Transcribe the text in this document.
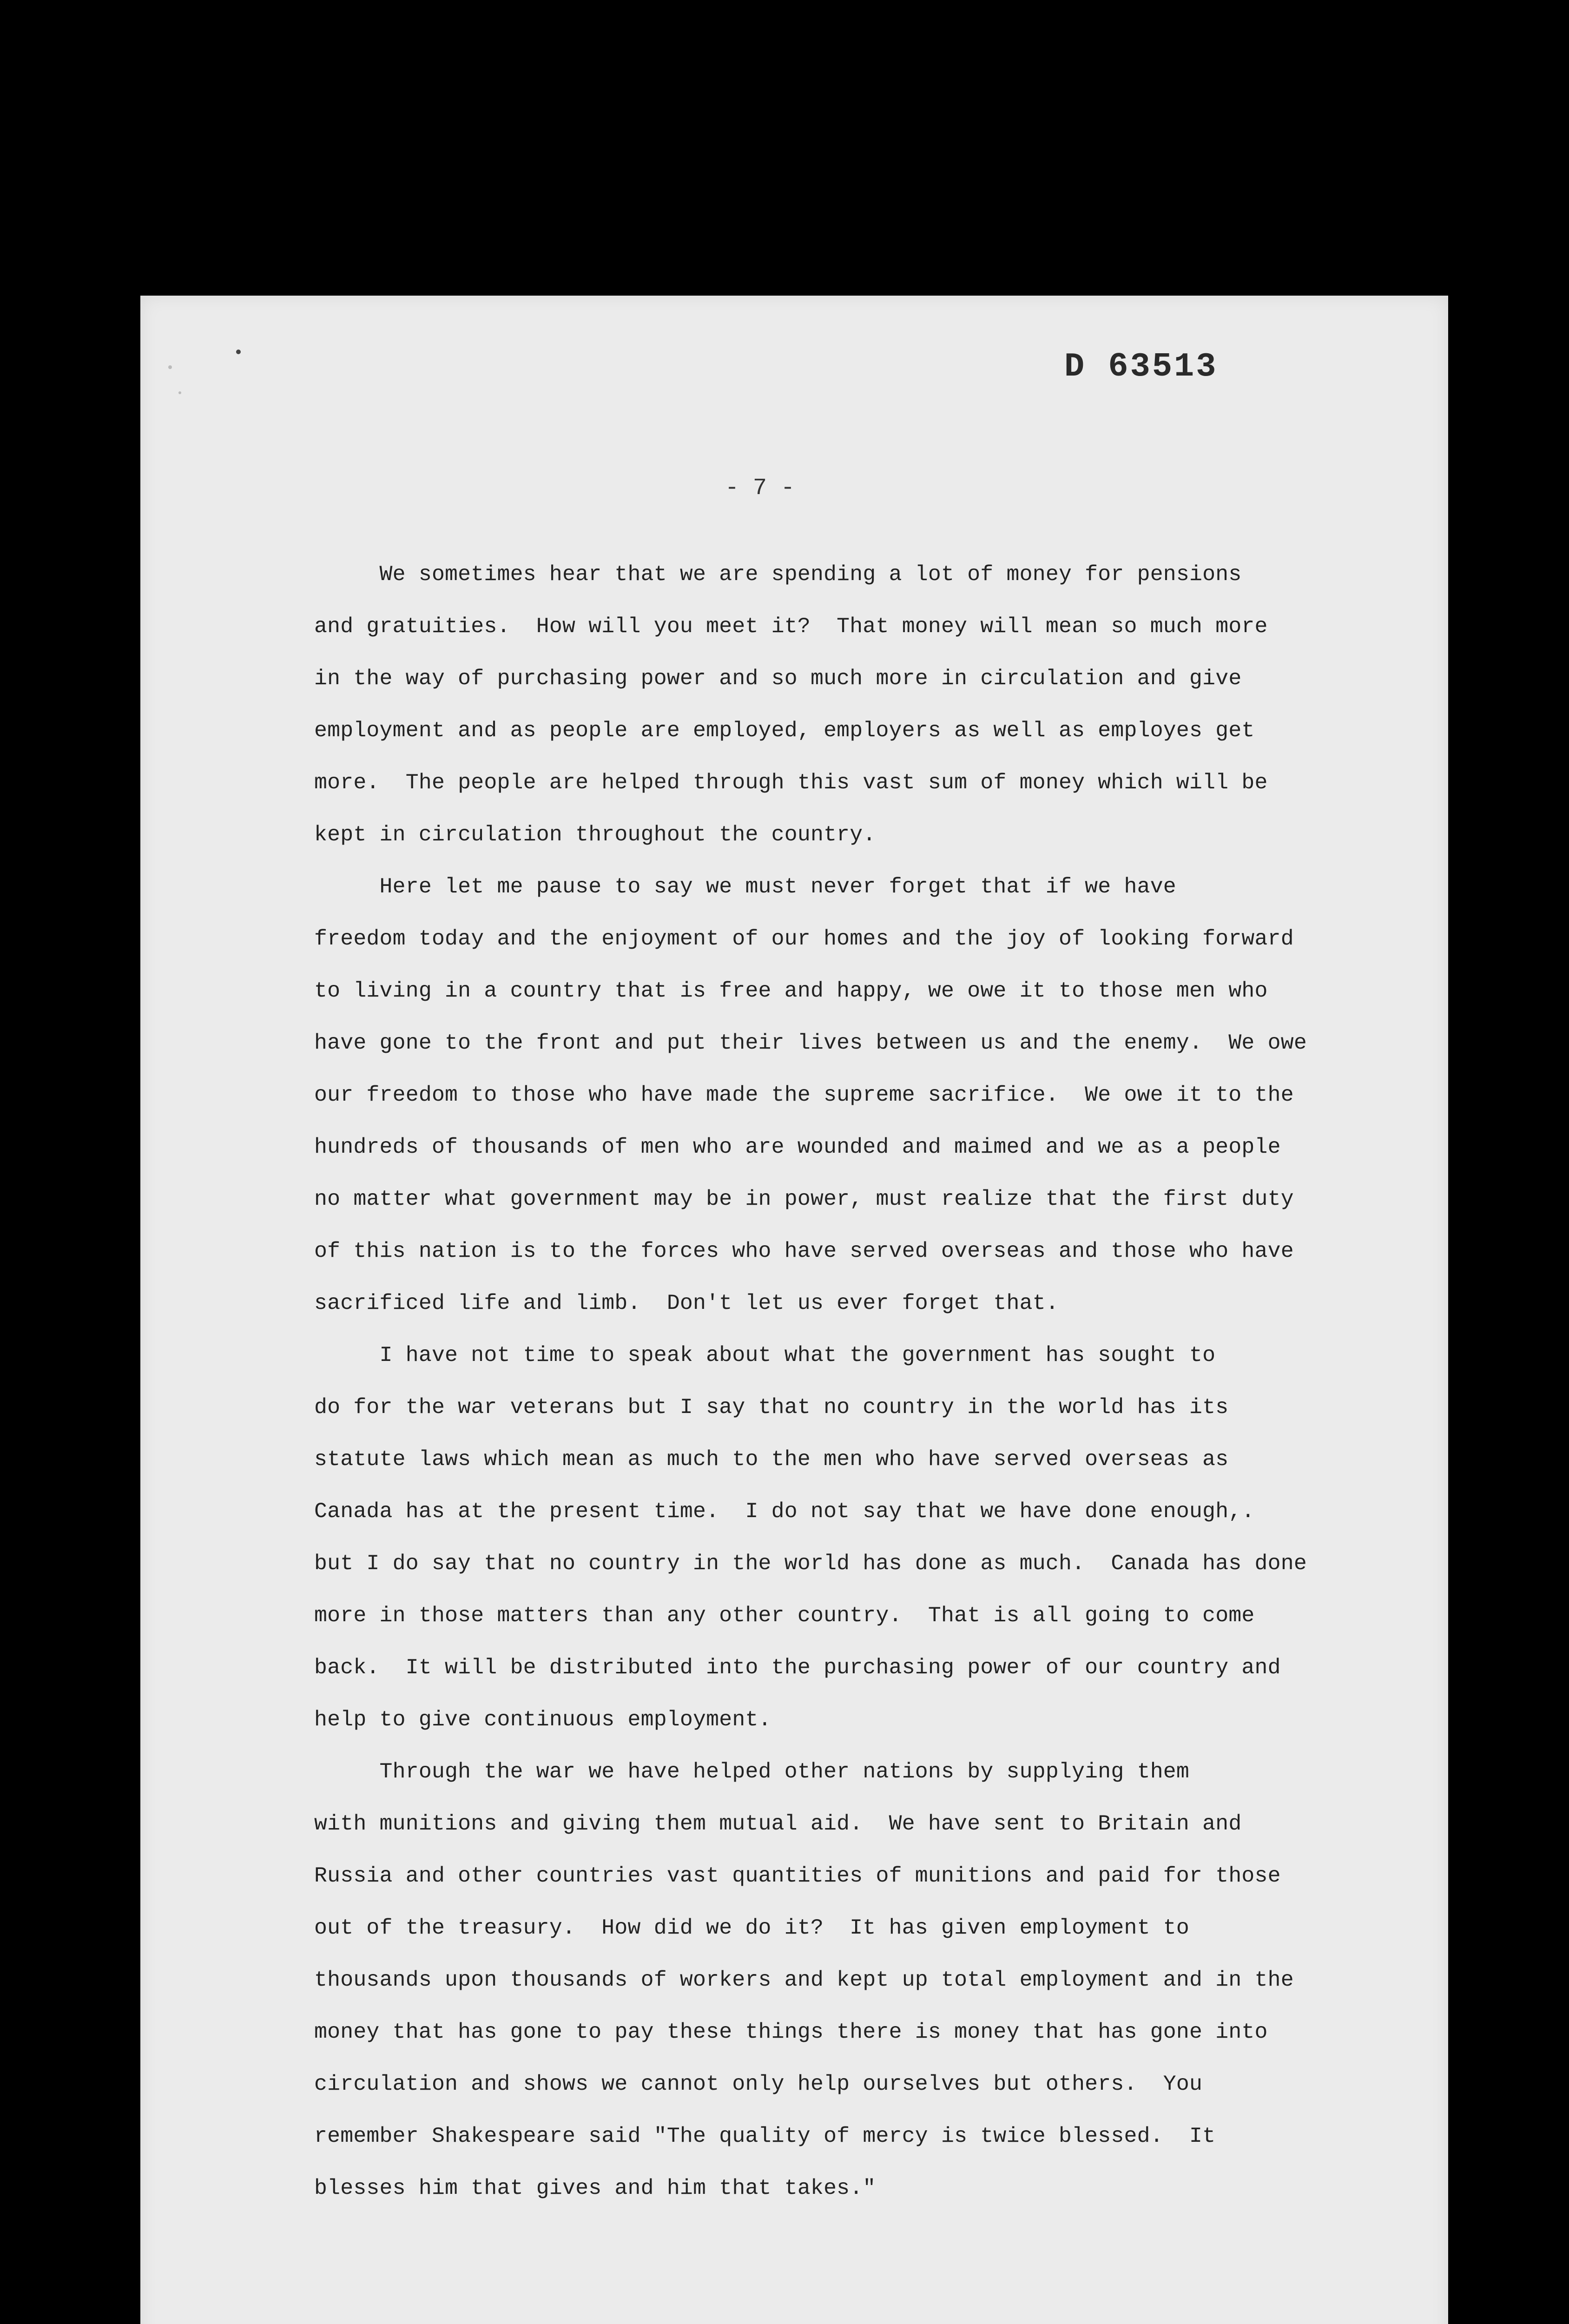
D 63513
- 7 -
We sometimes hear that we are spending a lot of money for pensions
and gratuities.  How will you meet it?  That money will mean so much more
in the way of purchasing power and so much more in circulation and give
employment and as people are employed, employers as well as employes get
more.  The people are helped through this vast sum of money which will be
kept in circulation throughout the country.
Here let me pause to say we must never forget that if we have
freedom today and the enjoyment of our homes and the joy of looking forward
to living in a country that is free and happy, we owe it to those men who
have gone to the front and put their lives between us and the enemy.  We owe
our freedom to those who have made the supreme sacrifice.  We owe it to the
hundreds of thousands of men who are wounded and maimed and we as a people
no matter what government may be in power, must realize that the first duty
of this nation is to the forces who have served overseas and those who have
sacrificed life and limb.  Don't let us ever forget that.
I have not time to speak about what the government has sought to
do for the war veterans but I say that no country in the world has its
statute laws which mean as much to the men who have served overseas as
Canada has at the present time.  I do not say that we have done enough,.
but I do say that no country in the world has done as much.  Canada has done
more in those matters than any other country.  That is all going to come
back.  It will be distributed into the purchasing power of our country and
help to give continuous employment.
Through the war we have helped other nations by supplying them
with munitions and giving them mutual aid.  We have sent to Britain and
Russia and other countries vast quantities of munitions and paid for those
out of the treasury.  How did we do it?  It has given employment to
thousands upon thousands of workers and kept up total employment and in the
money that has gone to pay these things there is money that has gone into
circulation and shows we cannot only help ourselves but others.  You
remember Shakespeare said "The quality of mercy is twice blessed.  It
blesses him that gives and him that takes."
